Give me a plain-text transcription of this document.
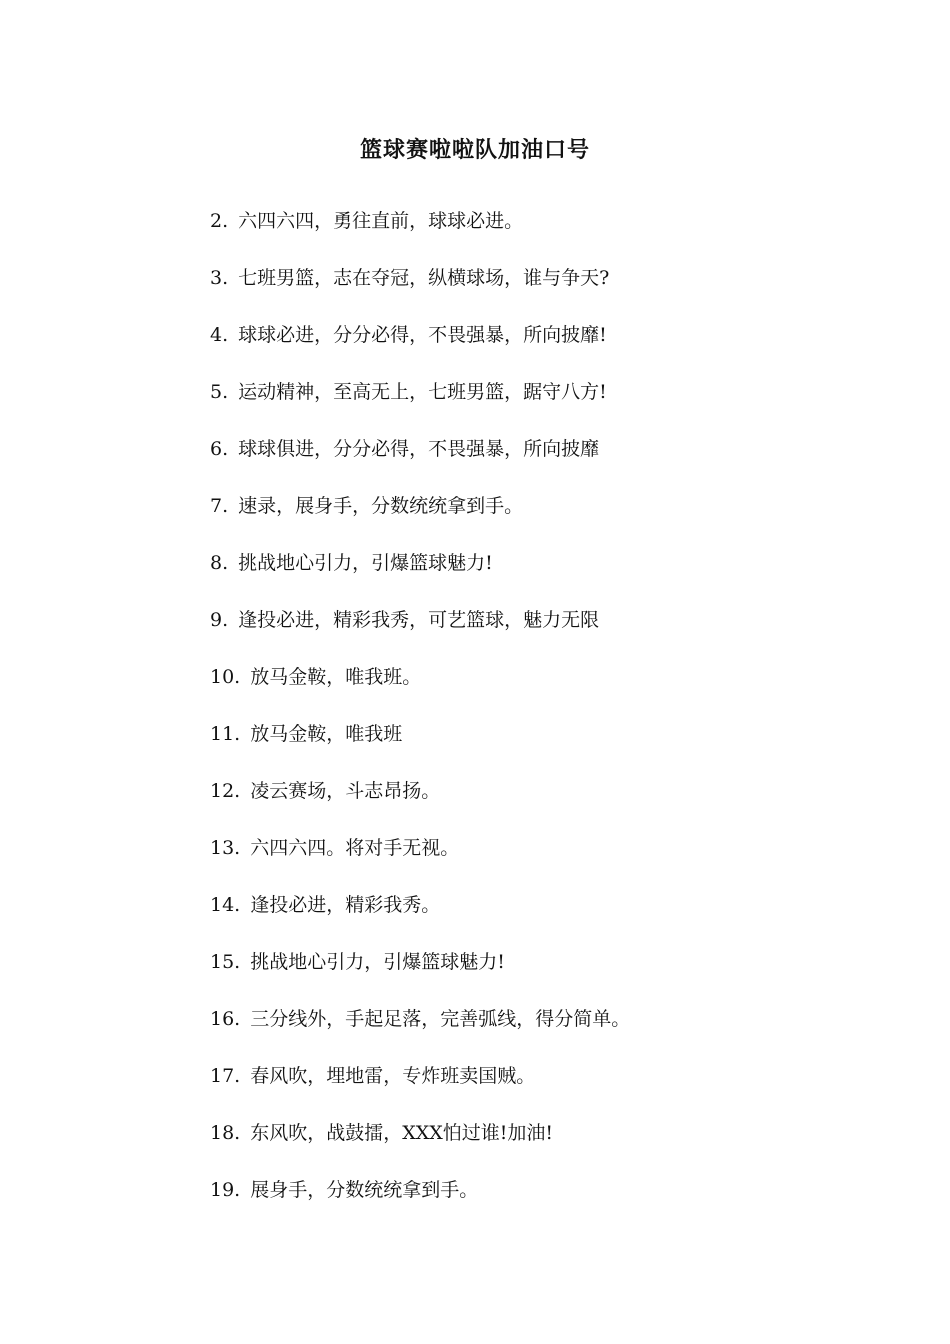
篮球赛啦啦队加油口号
2. 六四六四，勇往直前，球球必进。
3. 七班男篮，志在夺冠，纵横球场，谁与争天?
4. 球球必进，分分必得，不畏强暴，所向披靡!
5. 运动精神，至高无上，七班男篮，踞守八方!
6. 球球俱进，分分必得，不畏强暴，所向披靡
7. 速录，展身手，分数统统拿到手。
8. 挑战地心引力，引爆篮球魅力!
9. 逢投必进，精彩我秀，可艺篮球，魅力无限
10. 放马金鞍，唯我班。
11. 放马金鞍，唯我班
12. 凌云赛场，斗志昂扬。
13. 六四六四。将对手无视。
14. 逢投必进，精彩我秀。
15. 挑战地心引力，引爆篮球魅力!
16. 三分线外，手起足落，完善弧线，得分简单。
17. 春风吹，埋地雷，专炸班卖国贼。
18. 东风吹，战鼓擂，XXX怕过谁!加油!
19. 展身手，分数统统拿到手。
